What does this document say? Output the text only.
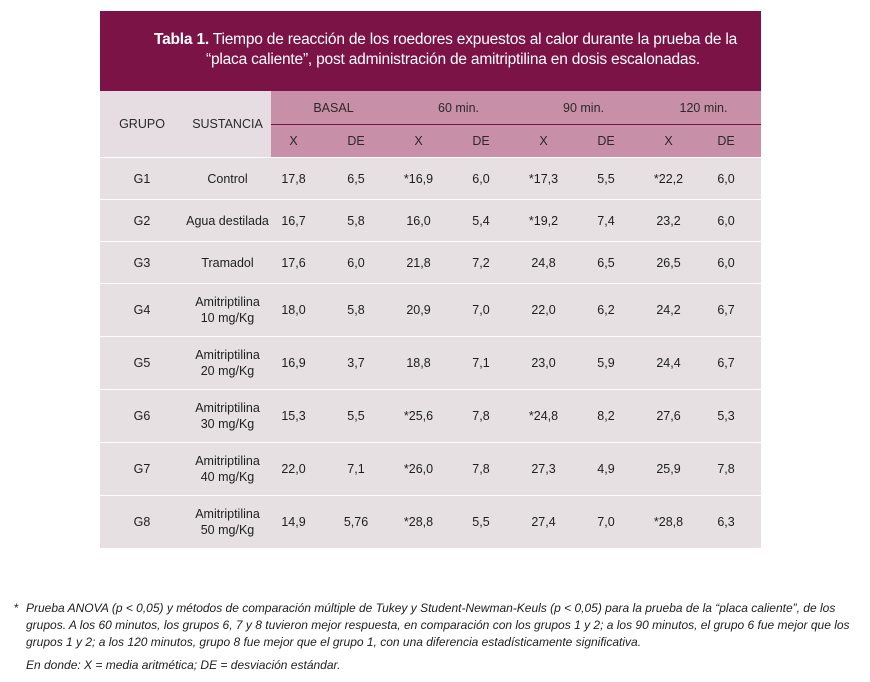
Tabla 1. Tiempo de reacción de los roedores expuestos al calor durante la prueba de la
“placa caliente”, post administración de amitriptilina en dosis escalonadas.
GRUPO	SUSTANCIA	BASAL		60 min.		90 min.		120 min.	
		X	DE	X	DE	X	DE	X	DE
G1	Control	17,8	6,5	*16,9	6,0	*17,3	5,5	*22,2	6,0
G2	Agua destilada	16,7	5,8	16,0	5,4	*19,2	7,4	23,2	6,0
G3	Tramadol	17,6	6,0	21,8	7,2	24,8	6,5	26,5	6,0
G4	Amitriptilina
10 mg/Kg	18,0	5,8	20,9	7,0	22,0	6,2	24,2	6,7
G5	Amitriptilina
20 mg/Kg	16,9	3,7	18,8	7,1	23,0	5,9	24,4	6,7
G6	Amitriptilina
30 mg/Kg	15,3	5,5	*25,6	7,8	*24,8	8,2	27,6	5,3
G7	Amitriptilina
40 mg/Kg	22,0	7,1	*26,0	7,8	27,3	4,9	25,9	7,8
G8	Amitriptilina
50 mg/Kg	14,9	5,76	*28,8	5,5	27,4	7,0	*28,8	6,3
* Prueba ANOVA (p < 0,05) y métodos de comparación múltiple de Tukey y Student-Newman-Keuls (p < 0,05) para la prueba de la “placa caliente”, de los grupos. A los 60 minutos, los grupos 6, 7 y 8 tuvieron mejor respuesta, en comparación con los grupos 1 y 2; a los 90 minutos, el grupo 6 fue mejor que los grupos 1 y 2; a los 120 minutos, grupo 8 fue mejor que el grupo 1, con una diferencia estadísticamente significativa.
En donde: X = media aritmética; DE = desviación estándar.
